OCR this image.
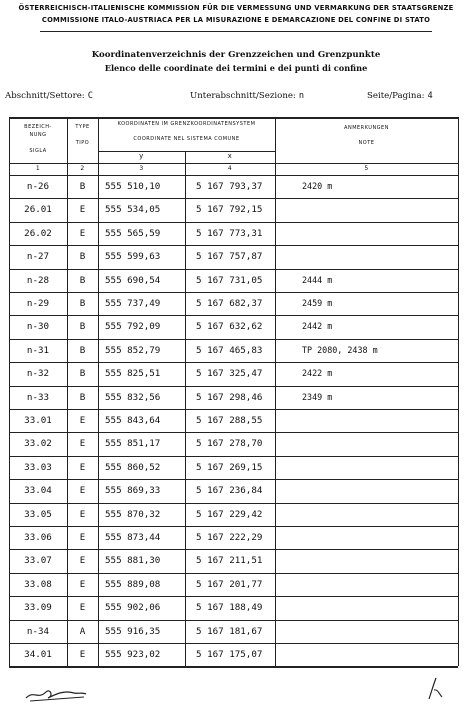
ÖSTERREICHISCH-ITALIENISCHE KOMMISSION FÜR DIE VERMESSUNG UND VERMARKUNG DER STAATSGRENZE
COMMISSIONE ITALO-AUSTRIACA PER LA MISURAZIONE E DEMARCAZIONE DEL CONFINE DI STATO
Koordinatenverzeichnis der Grenzzeichen und Grenzpunkte
Elenco delle coordinate dei termini e dei punti di confine
Abschnitt/Settore: C	Unterabschnitt/Sezione: n	Seite/Pagina: 4
BEZEICH-
NUNG
SIGLA
TYPE
TIPO
KOORDINATEN IM GRENZKOORDINATENSYSTEM
COORDINATE NEL SISTEMA COMUNE
y	x
ANMERKUNGEN
NOTE
1	2	3	4	5
n-26	B	555 510,10	5 167 793,37	2420 m
26.01	E	555 534,05	5 167 792,15
26.02	E	555 565,59	5 167 773,31
n-27	B	555 599,63	5 167 757,87
n-28	B	555 690,54	5 167 731,05	2444 m
n-29	B	555 737,49	5 167 682,37	2459 m
n-30	B	555 792,09	5 167 632,62	2442 m
n-31	B	555 852,79	5 167 465,83	TP 2080, 2438 m
n-32	B	555 825,51	5 167 325,47	2422 m
n-33	B	555 832,56	5 167 298,46	2349 m
33.01	E	555 843,64	5 167 288,55
33.02	E	555 851,17	5 167 278,70
33.03	E	555 860,52	5 167 269,15
33.04	E	555 869,33	5 167 236,84
33.05	E	555 870,32	5 167 229,42
33.06	E	555 873,44	5 167 222,29
33.07	E	555 881,30	5 167 211,51
33.08	E	555 889,08	5 167 201,77
33.09	E	555 902,06	5 167 188,49
n-34	A	555 916,35	5 167 181,67
34.01	E	555 923,02	5 167 175,07
